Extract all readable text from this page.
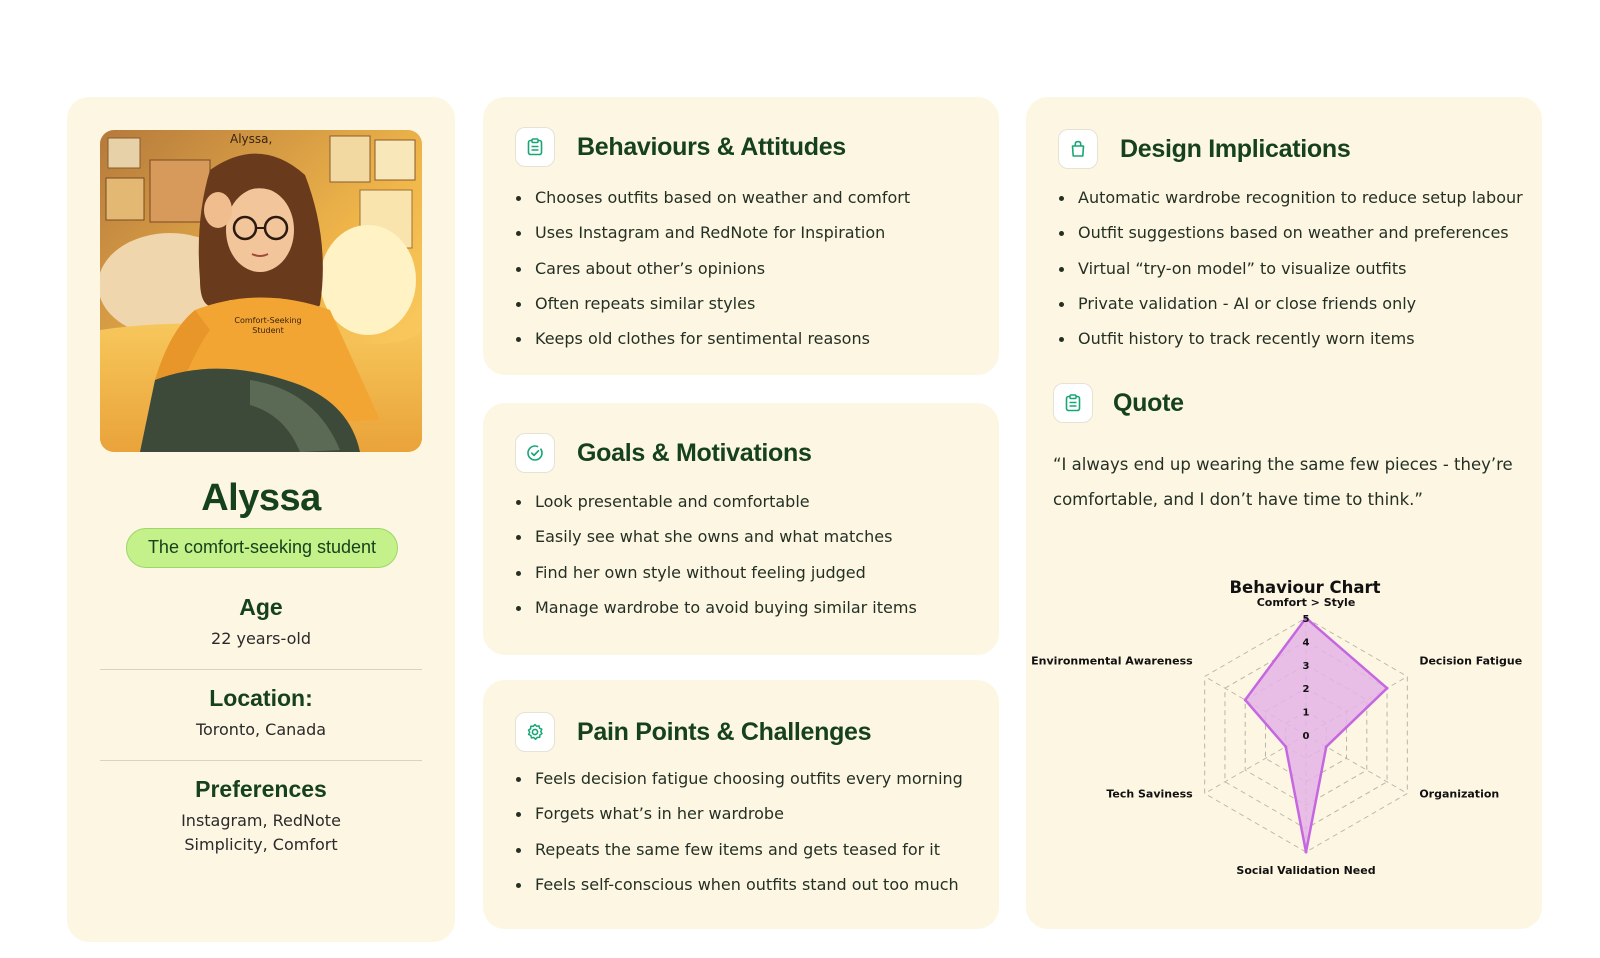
Alyssa,
Comfort-Seeking
Student
Alyssa
The comfort-seeking student
Age
22 years-old
Location:
Toronto, Canada
Preferences
Instagram, RedNote
Simplicity, Comfort
Behaviours & Attitudes
Chooses outfits based on weather and comfort
Uses Instagram and RedNote for Inspiration
Cares about other’s opinions
Often repeats similar styles
Keeps old clothes for sentimental reasons
Goals & Motivations
Look presentable and comfortable
Easily see what she owns and what matches
Find her own style without feeling judged
Manage wardrobe to avoid buying similar items
Pain Points & Challenges
Feels decision fatigue choosing outfits every morning
Forgets what’s in her wardrobe
Repeats the same few items and gets teased for it
Feels self-conscious when outfits stand out too much
Design Implications
Automatic wardrobe recognition to reduce setup labour
Outfit suggestions based on weather and preferences
Virtual “try-on model” to visualize outfits
Private validation - AI or close friends only
Outfit history to track recently worn items
Quote
“I always end up wearing the same few pieces - they’re comfortable, and I don’t have time to think.”
Behaviour Chart
0
1
2
3
4
5
Comfort > Style
Decision Fatigue
Organization
Social Validation Need
Tech Saviness
Environmental Awareness
